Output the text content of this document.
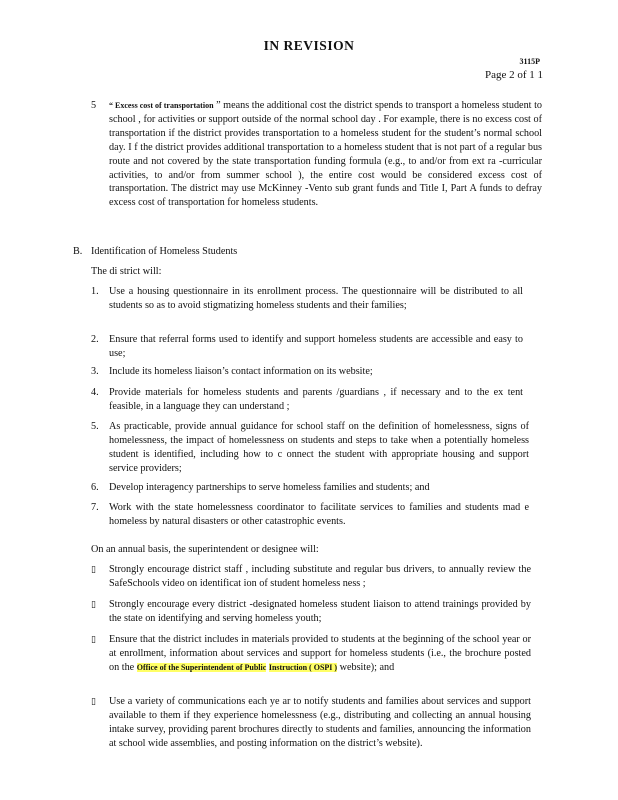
IN REVISION
3115P
Page 2 of 1 1
5 “ Excess cost of transportation ” means the additional cost the district spends to transport a homeless student to school , for activities or support outside of the normal school day . For example, there is no excess cost of transportation if the district provides transportation to a homeless student for the student’s normal school day. I f the district provides additional transportation to a homeless student that is not part of a regular bus route and not covered by the state transportation funding formula (e.g., to and/or from ext ra -curricular activities, to and/or from summer school ), the entire cost would be considered excess cost of transportation. The district may use McKinney -Vento sub grant funds and Title I, Part A funds to defray excess cost of transportation for homeless students.
B. Identification of Homeless Students
The di strict will:
1. Use a housing questionnaire in its enrollment process. The questionnaire will be distributed to all students so as to avoid stigmatizing homeless students and their families;
2. Ensure that referral forms used to identify and support homeless students are accessible and easy to use;
3. Include its homeless liaison’s contact information on its website;
4. Provide materials for homeless students and parents /guardians , if necessary and to the ex tent feasible, in a language they can understand ;
5. As practicable, provide annual guidance for school staff on the definition of homelessness, signs of homelessness, the impact of homelessness on students and steps to take when a potentially homeless student is identified, including how to c onnect the student with appropriate housing and support service providers;
6. Develop interagency partnerships to serve homeless families and students; and
7. Work with the state homelessness coordinator to facilitate services to families and students mad e homeless by natural disasters or other catastrophic events.
On an annual basis, the superintendent or designee will:
▯ Strongly encourage district staff , including substitute and regular bus drivers, to annually review the SafeSchools video on identificat ion of student homeless ness ;
▯ Strongly encourage every district -designated homeless student liaison to attend trainings provided by the state on identifying and serving homeless youth;
▯ Ensure that the district includes in materials provided to students at the beginning of the school year or at enrollment, information about services and support for homeless students (i.e., the brochure posted on the Office of the Superintendent of Public Instruction ( OSPI ) website); and
▯ Use a variety of communications each ye ar to notify students and families about services and support available to them if they experience homelessness (e.g., distributing and collecting an annual housing intake survey, providing parent brochures directly to students and families, announcing the information at school wide assemblies, and posting information on the district’s website).
